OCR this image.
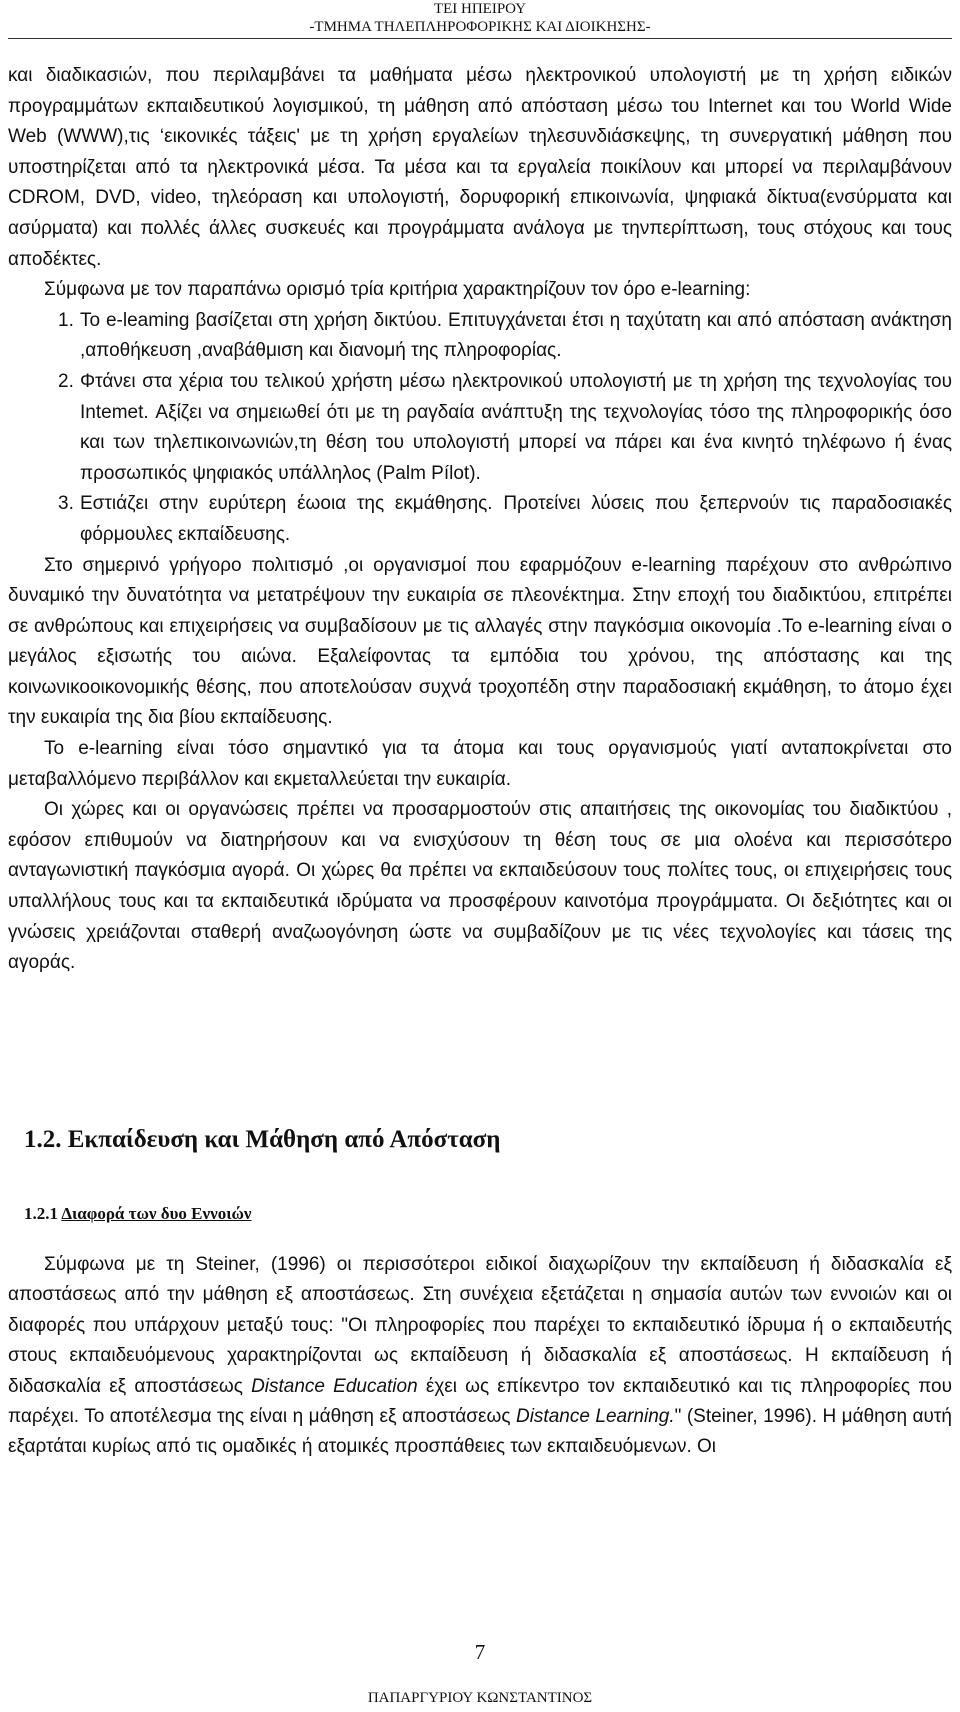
ΤΕΙ ΗΠΕΙΡΟΥ
-ΤΜΗΜΑ ΤΗΛΕΠΛΗΡΟΦΟΡΙΚΗΣ ΚΑΙ ΔΙΟΙΚΗΣΗΣ-

και διαδικασιών, που περιλαμβάνει τα μαθήματα μέσω ηλεκτρονικού υπολογιστή με τη χρήση ειδικών προγραμμάτων εκπαιδευτικού λογισμικού, τη μάθηση από απόσταση μέσω του Internet και του World Wide Web (WWW),τις ‘εικονικές τάξεις' με τη χρήση εργαλείων τηλεσυνδιάσκεψης, τη συνεργατική μάθηση που υποστηρίζεται από τα ηλεκτρονικά μέσα. Τα μέσα και τα εργαλεία ποικίλουν και μπορεί να περιλαμβάνουν CDROM, DVD, video, τηλεόραση και υπολογιστή, δορυφορική επικοινωνία, ψηφιακά δίκτυα(ενσύρματα και ασύρματα) και πολλές άλλες συσκευές και προγράμματα ανάλογα με τηνπερίπτωση, τους στόχους και τους αποδέκτες.

Σύμφωνα με τον παραπάνω ορισμό τρία κριτήρια χαρακτηρίζουν τον όρο e-learning:

1. Το e-leaming βασίζεται στη χρήση δικτύου. Επιτυγχάνεται έτσι η ταχύτατη και από απόσταση ανάκτηση ,αποθήκευση ,αναβάθμιση και διανομή της πληροφορίας.

2. Φτάνει στα χέρια του τελικού χρήστη μέσω ηλεκτρονικού υπολογιστή με τη χρήση της τεχνολογίας του Intemet. Αξίζει να σημειωθεί ότι με τη ραγδαία ανάπτυξη της τεχνολογίας τόσο της πληροφορικής όσο και των τηλεπικοινωνιών,τη θέση του υπολογιστή μπορεί να πάρει και ένα κινητό τηλέφωνο ή ένας προσωπικός ψηφιακός υπάλληλος (Palm Pílot).

3. Εστιάζει στην ευρύτερη έωοια της εκμάθησης. Προτείνει λύσεις που ξεπερνούν τις παραδοσιακές φόρμουλες εκπαίδευσης.

Στο σημερινό γρήγορο πολιτισμό ,οι οργανισμοί που εφαρμόζουν e-learning παρέχουν στο ανθρώπινο δυναμικό την δυνατότητα να μετατρέψουν την ευκαιρία σε πλεονέκτημα. Στην εποχή του διαδικτύου, επιτρέπει σε ανθρώπους και επιχειρήσεις να συμβαδίσουν με τις αλλαγές στην παγκόσμια οικονομία .Το e-learning είναι ο μεγάλος εξισωτής του αιώνα. Εξαλείφοντας τα εμπόδια του χρόνου, της απόστασης και της κοινωνικοοικονομικής θέσης, που αποτελούσαν συχνά τροχοπέδη στην παραδοσιακή εκμάθηση, το άτομο έχει την ευκαιρία της δια βίου εκπαίδευσης.

Το e-learning είναι τόσο σημαντικό για τα άτομα και τους οργανισμούς γιατί ανταποκρίνεται στο μεταβαλλόμενο περιβάλλον και εκμεταλλεύεται την ευκαιρία.

Οι χώρες και οι οργανώσεις πρέπει να προσαρμοστούν στις απαιτήσεις της οικονομίας του διαδικτύου , εφόσον επιθυμούν να διατηρήσουν και να ενισχύσουν τη θέση τους σε μια ολοένα και περισσότερο ανταγωνιστική παγκόσμια αγορά. Οι χώρες θα πρέπει να εκπαιδεύσουν τους πολίτες τους, οι επιχειρήσεις τους υπαλλήλους τους και τα εκπαιδευτικά ιδρύματα να προσφέρουν καινοτόμα προγράμματα. Οι δεξιότητες και οι γνώσεις χρειάζονται σταθερή αναζωογόνηση ώστε να συμβαδίζουν με τις νέες τεχνολογίες και τάσεις της αγοράς.

1.2. Εκπαίδευση και Μάθηση από Απόσταση
1.2.1 Διαφορά των δυο Εννοιών

Σύμφωνα με τη Steiner, (1996) οι περισσότεροι ειδικοί διαχωρίζουν την εκπαίδευση ή διδασκαλία εξ αποστάσεως από την μάθηση εξ αποστάσεως. Στη συνέχεια εξετάζεται η σημασία αυτών των εννοιών και οι διαφορές που υπάρχουν μεταξύ τους: "Οι πληροφορίες που παρέχει το εκπαιδευτικό ίδρυμα ή ο εκπαιδευτής στους εκπαιδευόμενους χαρακτηρίζονται ως εκπαίδευση ή διδασκαλία εξ αποστάσεως. Η εκπαίδευση ή διδασκαλία εξ αποστάσεως Distance Education έχει ως επίκεντρο τον εκπαιδευτικό και τις πληροφορίες που παρέχει. Το αποτέλεσμα της είναι η μάθηση εξ αποστάσεως Distance Learning." (Steiner, 1996). Η μάθηση αυτή εξαρτάται κυρίως από τις ομαδικές ή ατομικές προσπάθειες των εκπαιδευόμενων. Οι

7
ΠΑΠΑΡΓΥΡΙΟΥ ΚΩΝΣΤΑΝΤΙΝΟΣ
